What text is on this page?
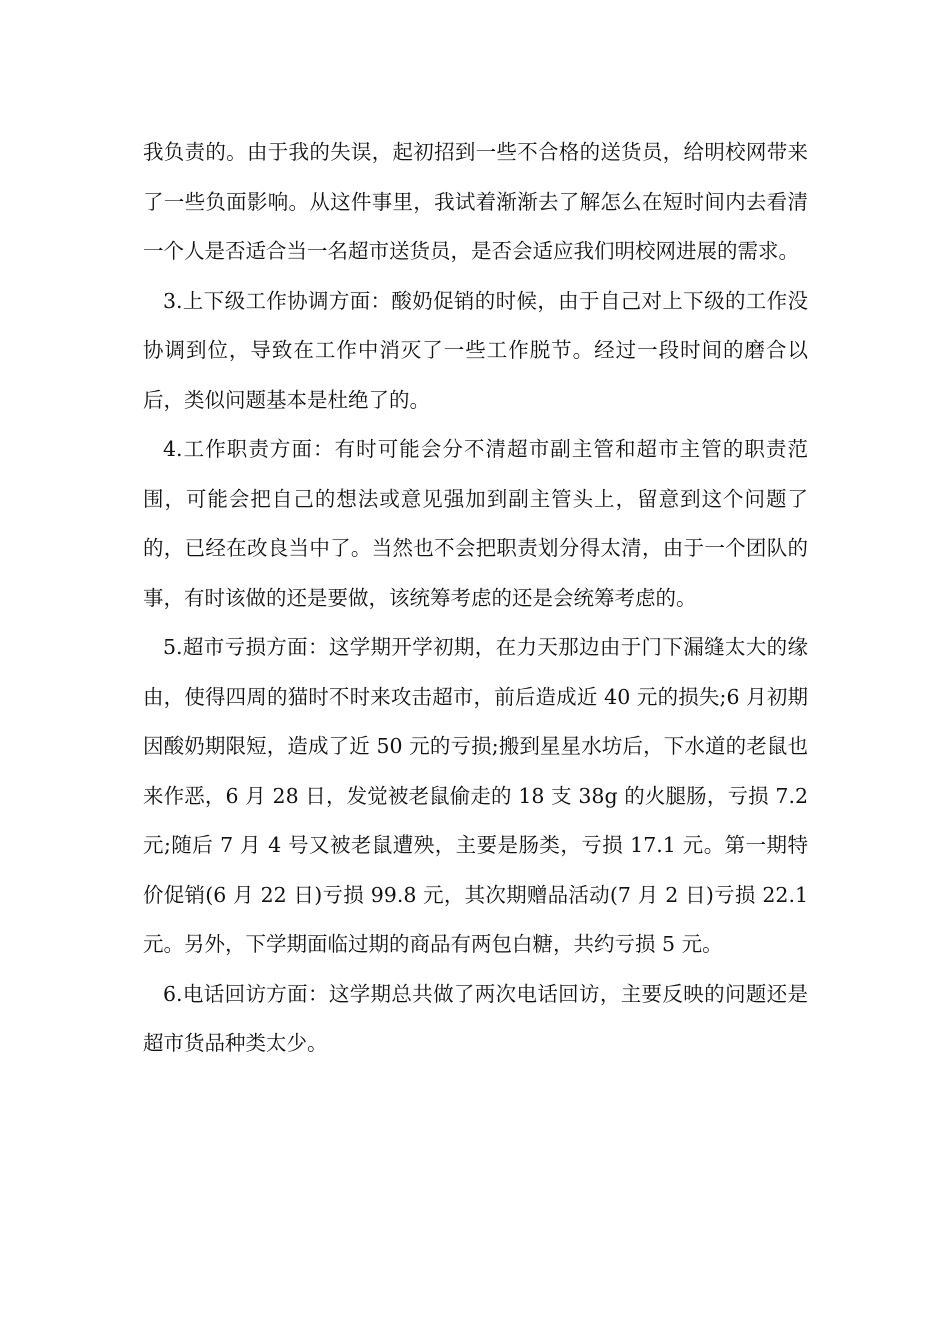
我负责的。由于我的失误，起初招到一些不合格的送货员，给明校网带来了一些负面影响。从这件事里，我试着渐渐去了解怎么在短时间内去看清一个人是否适合当一名超市送货员，是否会适应我们明校网进展的需求。

3.上下级工作协调方面：酸奶促销的时候，由于自己对上下级的工作没协调到位，导致在工作中消灭了一些工作脱节。经过一段时间的磨合以后，类似问题基本是杜绝了的。

4.工作职责方面：有时可能会分不清超市副主管和超市主管的职责范围，可能会把自己的想法或意见强加到副主管头上，留意到这个问题了的，已经在改良当中了。当然也不会把职责划分得太清，由于一个团队的事，有时该做的还是要做，该统筹考虑的还是会统筹考虑的。

5.超市亏损方面：这学期开学初期，在力天那边由于门下漏缝太大的缘由，使得四周的猫时不时来攻击超市，前后造成近 40 元的损失;6 月初期因酸奶期限短，造成了近 50 元的亏损;搬到星星水坊后，下水道的老鼠也来作恶，6 月 28 日，发觉被老鼠偷走的 18 支 38g 的火腿肠，亏损 7.2 元;随后 7 月 4 号又被老鼠遭殃，主要是肠类，亏损 17.1 元。第一期特价促销(6 月 22 日)亏损 99.8 元，其次期赠品活动(7 月 2 日)亏损 22.1 元。另外，下学期面临过期的商品有两包白糖，共约亏损 5 元。

6.电话回访方面：这学期总共做了两次电话回访，主要反映的问题还是超市货品种类太少。
